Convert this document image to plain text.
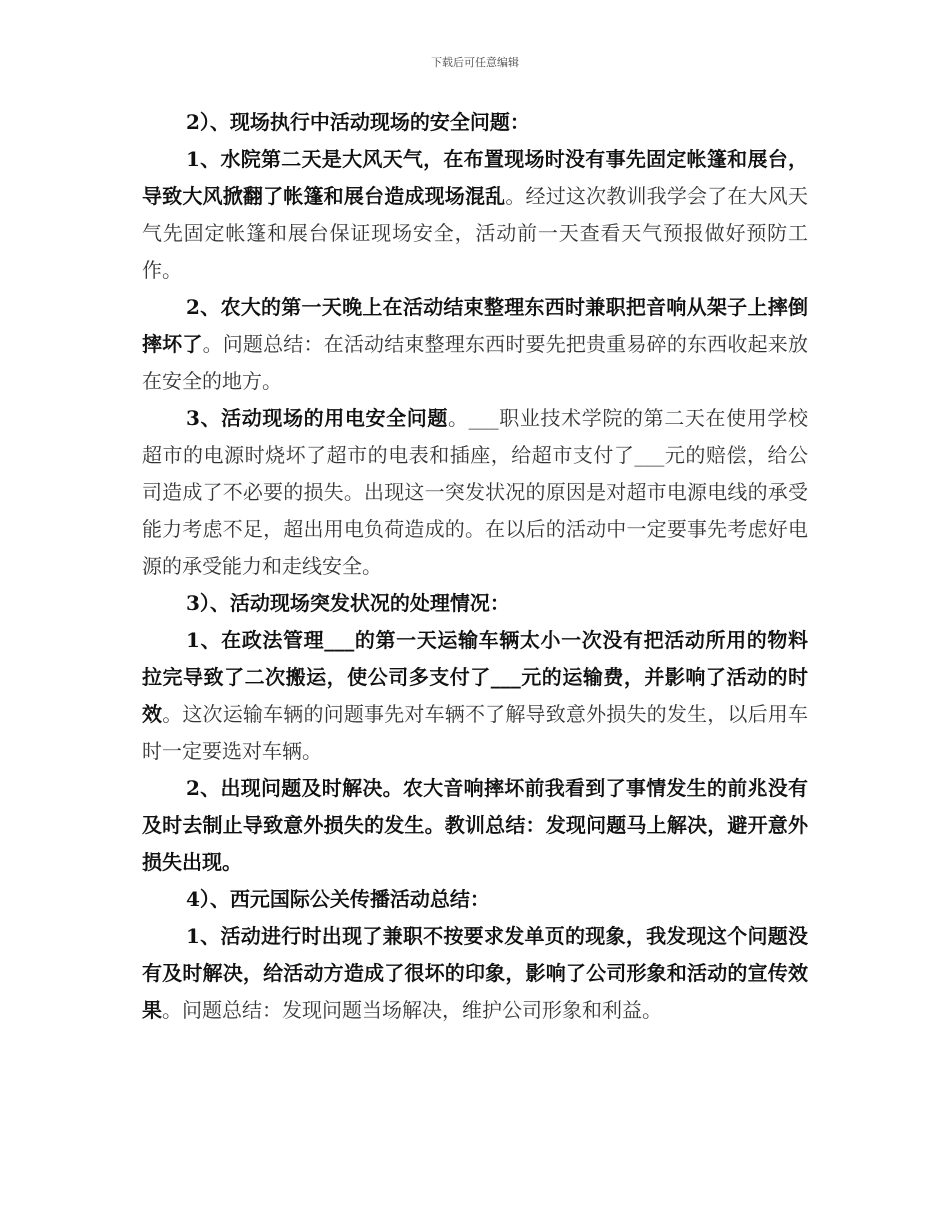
下载后可任意编辑

2）、现场执行中活动现场的安全问题：

1、水院第二天是大风天气，在布置现场时没有事先固定帐篷和展台，导致大风掀翻了帐篷和展台造成现场混乱。经过这次教训我学会了在大风天气先固定帐篷和展台保证现场安全，活动前一天查看天气预报做好预防工作。

2、农大的第一天晚上在活动结束整理东西时兼职把音响从架子上摔倒摔坏了。问题总结：在活动结束整理东西时要先把贵重易碎的东西收起来放在安全的地方。

3、活动现场的用电安全问题。___职业技术学院的第二天在使用学校超市的电源时烧坏了超市的电表和插座，给超市支付了___元的赔偿，给公司造成了不必要的损失。出现这一突发状况的原因是对超市电源电线的承受能力考虑不足，超出用电负荷造成的。在以后的活动中一定要事先考虑好电源的承受能力和走线安全。

3）、活动现场突发状况的处理情况：

1、在政法管理___的第一天运输车辆太小一次没有把活动所用的物料拉完导致了二次搬运，使公司多支付了___元的运输费，并影响了活动的时效。这次运输车辆的问题事先对车辆不了解导致意外损失的发生，以后用车时一定要选对车辆。

2、出现问题及时解决。农大音响摔坏前我看到了事情发生的前兆没有及时去制止导致意外损失的发生。教训总结：发现问题马上解决，避开意外损失出现。

4）、西元国际公关传播活动总结：

1、活动进行时出现了兼职不按要求发单页的现象，我发现这个问题没有及时解决，给活动方造成了很坏的印象，影响了公司形象和活动的宣传效果。问题总结：发现问题当场解决，维护公司形象和利益。
